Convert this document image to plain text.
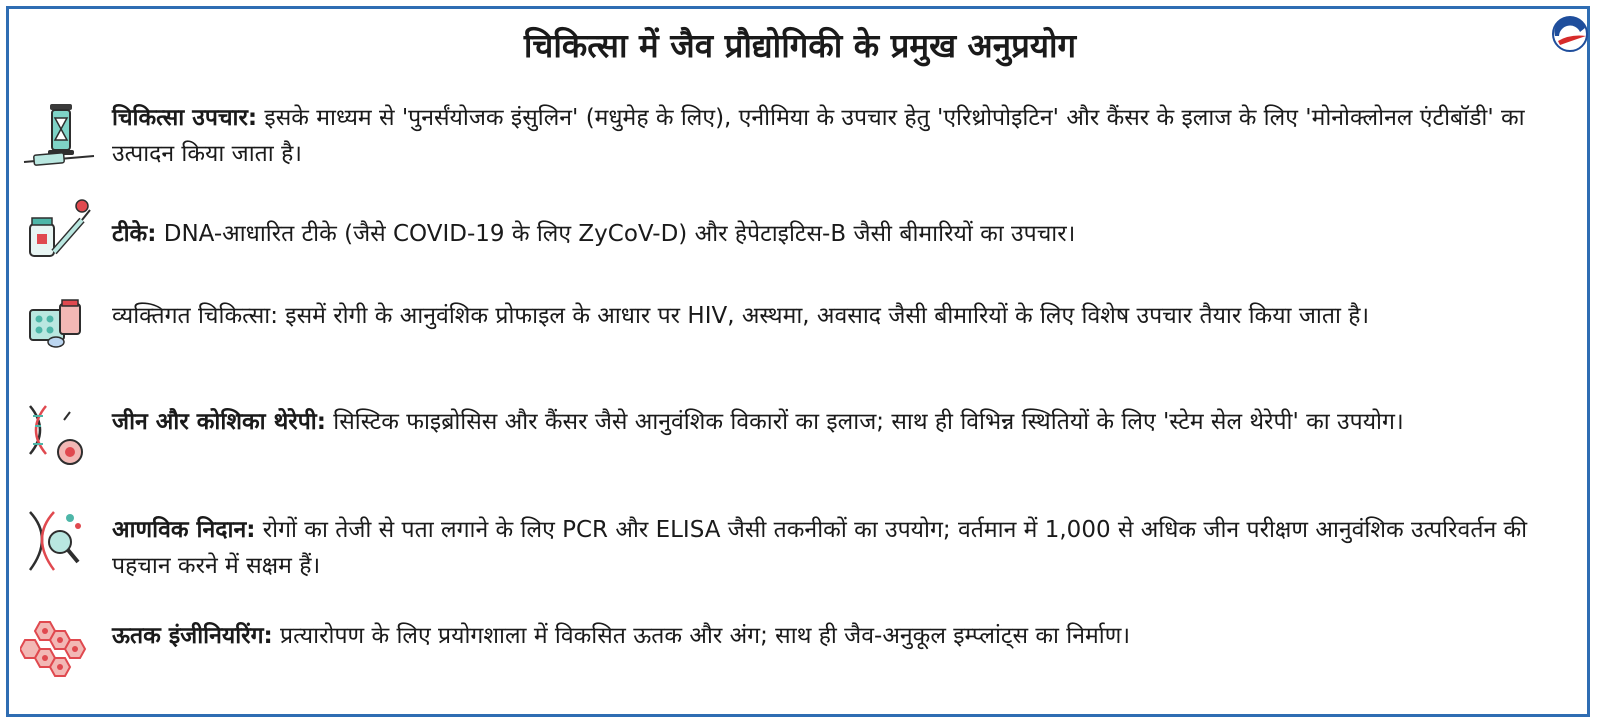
चिकित्सा में जैव प्रौद्योगिकी के प्रमुख अनुप्रयोग
चिकित्सा उपचार: इसके माध्यम से 'पुनर्संयोजक इंसुलिन' (मधुमेह के लिए), एनीमिया के उपचार हेतु 'एरिथ्रोपोइटिन' और कैंसर के इलाज के लिए 'मोनोक्लोनल एंटीबॉडी' का उत्पादन किया जाता है।
टीके: DNA-आधारित टीके (जैसे COVID-19 के लिए ZyCoV-D) और हेपेटाइटिस-B जैसी बीमारियों का उपचार।
व्यक्तिगत चिकित्सा: इसमें रोगी के आनुवंशिक प्रोफाइल के आधार पर HIV, अस्थमा, अवसाद जैसी बीमारियों के लिए विशेष उपचार तैयार किया जाता है।
जीन और कोशिका थेरेपी: सिस्टिक फाइब्रोसिस और कैंसर जैसे आनुवंशिक विकारों का इलाज; साथ ही विभिन्न स्थितियों के लिए 'स्टेम सेल थेरेपी' का उपयोग।
आणविक निदान: रोगों का तेजी से पता लगाने के लिए PCR और ELISA जैसी तकनीकों का उपयोग; वर्तमान में 1,000 से अधिक जीन परीक्षण आनुवंशिक उत्परिवर्तन की पहचान करने में सक्षम हैं।
ऊतक इंजीनियरिंग: प्रत्यारोपण के लिए प्रयोगशाला में विकसित ऊतक और अंग; साथ ही जैव-अनुकूल इम्प्लांट्स का निर्माण।
